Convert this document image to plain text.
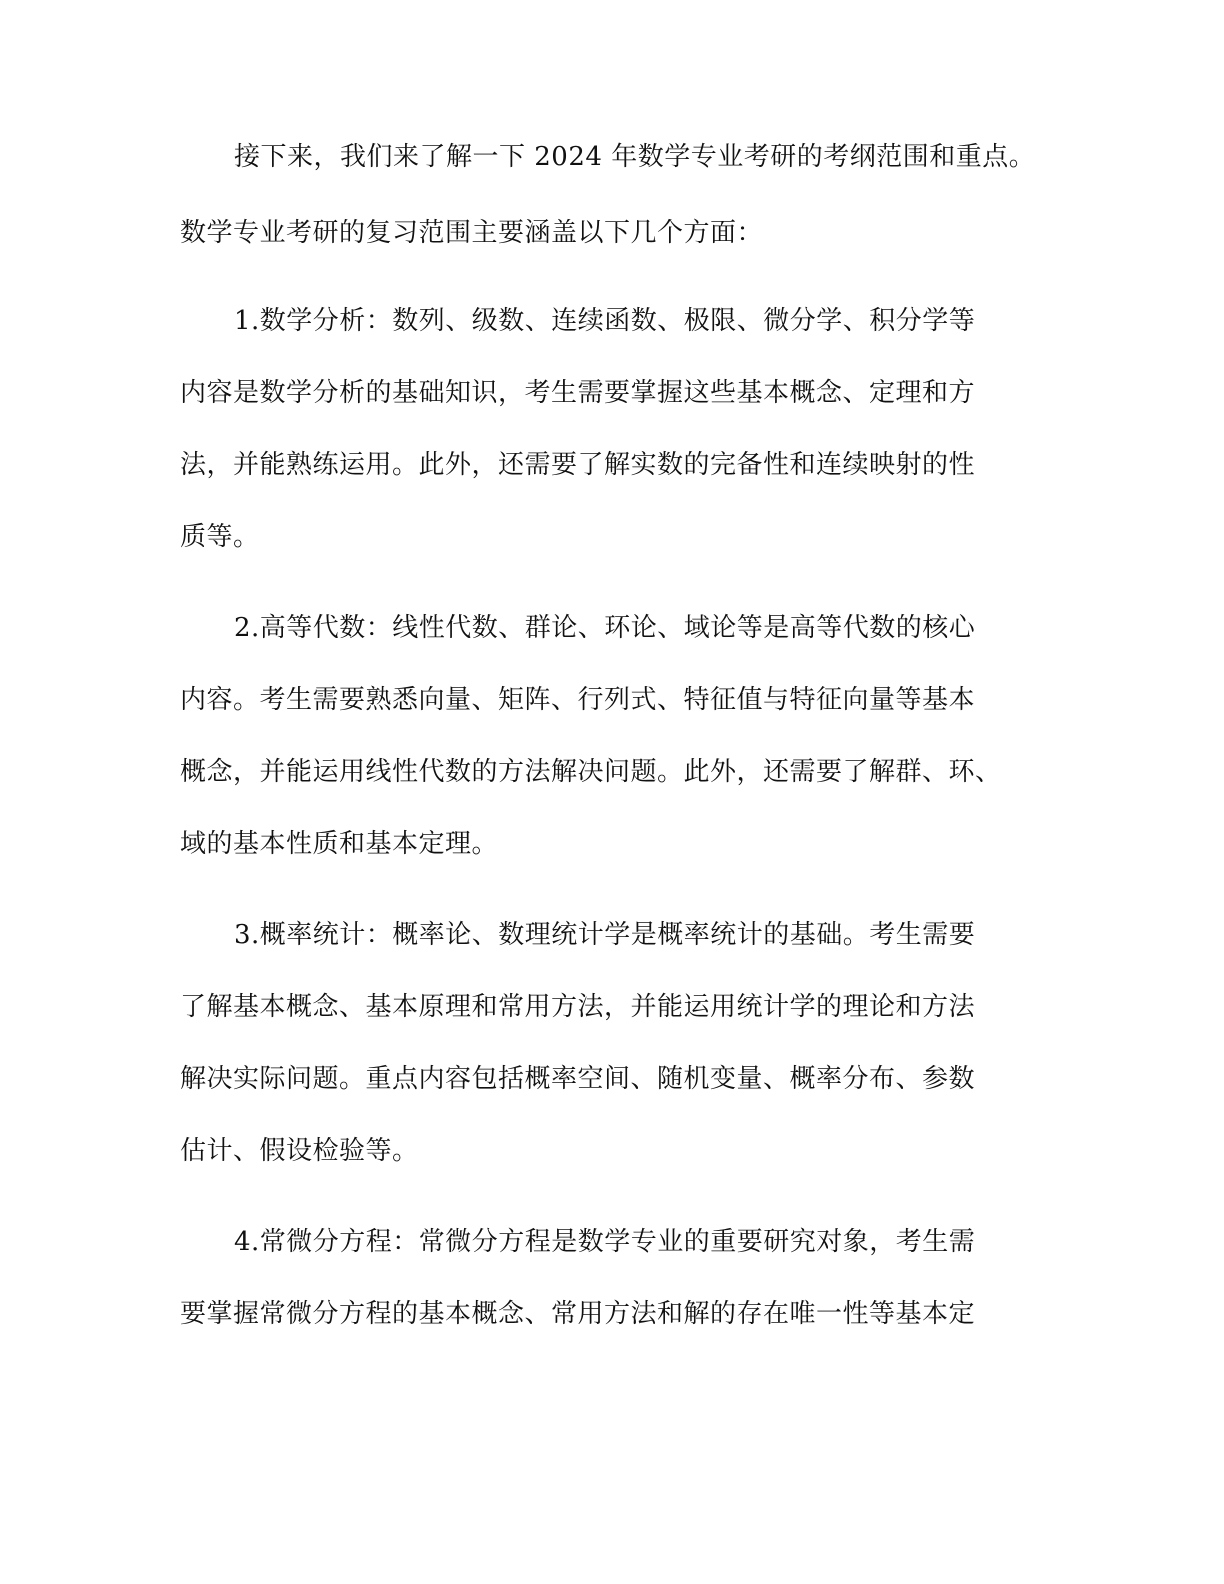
接下来，我们来了解一下 2024 年数学专业考研的考纲范围和重点。
数学专业考研的复习范围主要涵盖以下几个方面：
1.数学分析：数列、级数、连续函数、极限、微分学、积分学等
内容是数学分析的基础知识，考生需要掌握这些基本概念、定理和方
法，并能熟练运用。此外，还需要了解实数的完备性和连续映射的性
质等。
2.高等代数：线性代数、群论、环论、域论等是高等代数的核心
内容。考生需要熟悉向量、矩阵、行列式、特征值与特征向量等基本
概念，并能运用线性代数的方法解决问题。此外，还需要了解群、环、
域的基本性质和基本定理。
3.概率统计：概率论、数理统计学是概率统计的基础。考生需要
了解基本概念、基本原理和常用方法，并能运用统计学的理论和方法
解决实际问题。重点内容包括概率空间、随机变量、概率分布、参数
估计、假设检验等。
4.常微分方程：常微分方程是数学专业的重要研究对象，考生需
要掌握常微分方程的基本概念、常用方法和解的存在唯一性等基本定
